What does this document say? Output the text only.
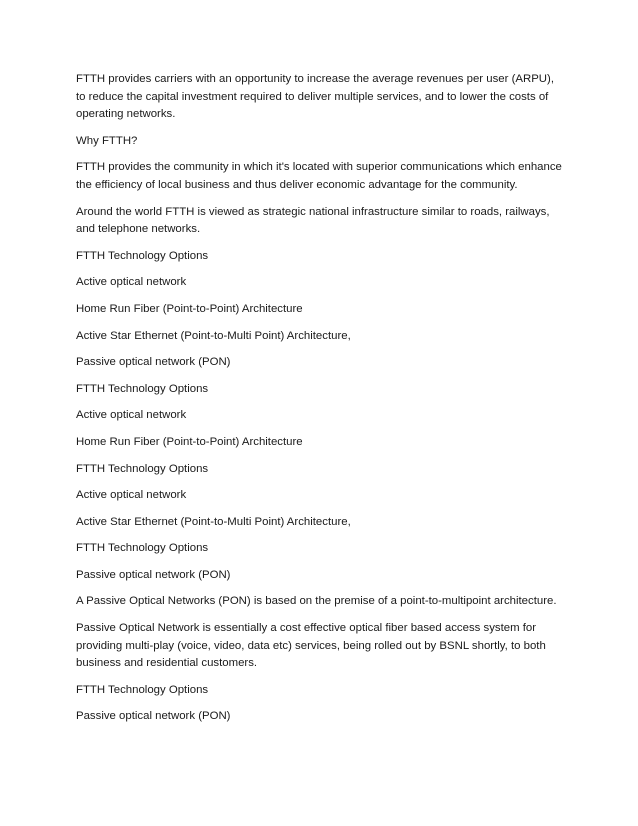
FTTH provides carriers with an opportunity to increase the average revenues per user (ARPU), to reduce the capital investment required to deliver multiple services, and to lower the costs of operating networks.

Why FTTH?

FTTH provides the community in which it's located with superior communications which enhance the efficiency of local business and thus deliver economic advantage for the community.

Around the world FTTH is viewed as strategic national infrastructure similar to roads, railways, and telephone networks.

FTTH Technology Options

Active optical network

Home Run Fiber (Point-to-Point) Architecture

Active Star Ethernet (Point-to-Multi Point) Architecture,

Passive optical network (PON)

FTTH Technology Options

Active optical network

Home Run Fiber (Point-to-Point) Architecture

FTTH Technology Options

Active optical network

Active Star Ethernet (Point-to-Multi Point) Architecture,

FTTH Technology Options

Passive optical network (PON)

A Passive Optical Networks (PON) is based on the premise of a point-to-multipoint architecture.

Passive Optical Network is essentially a cost effective optical fiber based access system for providing multi-play (voice, video, data etc) services, being rolled out by BSNL shortly, to both business and residential customers.

FTTH Technology Options

Passive optical network (PON)
